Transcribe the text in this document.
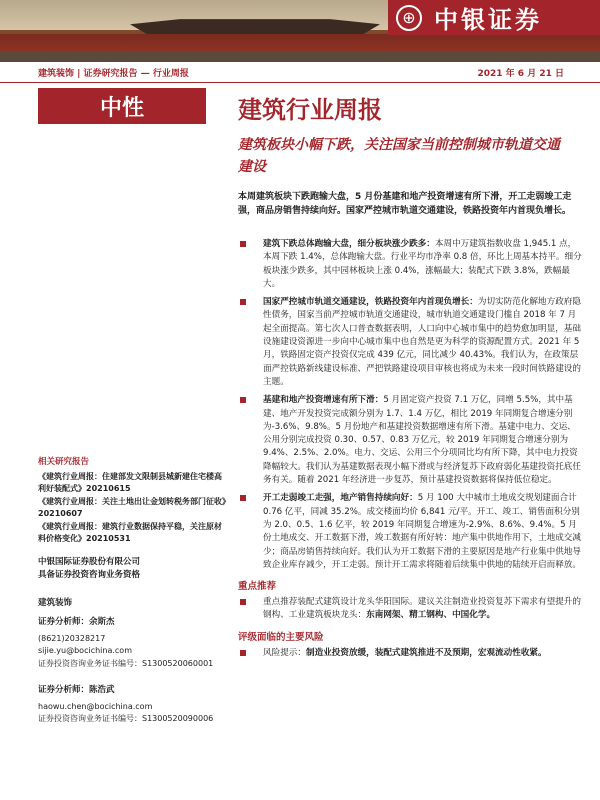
⊕ 中银证券
建筑装饰 | 证券研究报告 — 行业周报	2021 年 6 月 21 日
中性	建筑行业周报
建筑板块小幅下跌，关注国家当前控制城市轨道交通建设
本周建筑板块下跌跑输大盘，5 月份基建和地产投资增速有所下滑，开工走弱竣工走强，商品房销售持续向好。国家严控城市轨道交通建设，铁路投资年内首现负增长。
建筑下跌总体跑输大盘，细分板块涨少跌多：本周中万建筑指数收盘 1,945.1 点，本周下跌 1.4%，总体跑输大盘。行业平均市净率 0.8 倍，环比上周基本持平。细分板块涨少跌多，其中园林板块上涨 0.4%，涨幅最大；装配式下跌 3.8%，跌幅最大。
国家严控城市轨道交通建设，铁路投资年内首现负增长：为切实防范化解地方政府隐性债务，国家当前严控城市轨道交通建设，城市轨道交通建设门槛自 2018 年 7 月起全面提高。第七次人口普查数据表明，人口向中心城市集中的趋势愈加明显，基础设施建设资源进一步向中心城市集中也自然是更为科学的资源配置方式。2021 年 5 月，铁路固定资产投资仅完成 439 亿元，同比减少 40.43%。我们认为，在政策层面严控铁路新线建设标准、严把铁路建设项目审核也将成为未来一段时间铁路建设的主题。
基建和地产投资增速有所下滑：5 月固定资产投资 7.1 万亿，同增 5.5%，其中基建、地产开发投资完成额分别为 1.7、1.4 万亿，相比 2019 年同期复合增速分别为-3.6%、9.8%。5 月份地产和基建投资数据增速有所下滑。基建中电力、交运、公用分别完成投资 0.30、0.57、0.83 万亿元，较 2019 年同期复合增速分别为 9.4%、2.5%、2.0%。电力、交运、公用三个分项同比均有所下降，其中电力投资降幅较大。我们认为基建数据表现小幅下滑或与经济复苏下政府弱化基建投资托底任务有关。随着 2021 年经济进一步复苏，预计基建投资数据将保持低位稳定。
开工走弱竣工走强，地产销售持续向好：5 月 100 大中城市土地成交规划建面合计 0.76 亿平，同减 35.2%。成交楼面均价 6,841 元/平。开工、竣工、销售面积分别为 2.0、0.5、1.6 亿平，较 2019 年同期复合增速为-2.9%、8.6%、9.4%。5 月份土地成交、开工数据下滑，竣工数据有所好转：地产集中供地作用下，土地成交减少；商品房销售持续向好。我们认为开工数据下滑的主要原因是地产行业集中供地导致企业库存减少，开工走弱。预计开工需求将随着后续集中供地的陆续开启而释放。
重点推荐
重点推荐装配式建筑设计龙头华阳国际。建议关注制造业投资复苏下需求有望提升的钢构、工业建筑板块龙头：东南网架、精工钢构、中国化学。
评级面临的主要风险
风险提示：制造业投资放缓，装配式建筑推进不及预期，宏观流动性收紧。
相关研究报告
《建筑行业周报：住建部发文限制县城新建住宅楼高利好装配式》20210615
《建筑行业周报：关注土地出让金划转税务部门征收》20210607
《建筑行业周报：建筑行业数据保持平稳，关注原材料价格变化》20210531
中银国际证券股份有限公司
具备证券投资咨询业务资格
建筑装饰
证券分析师：余斯杰
(8621)20328217
sijie.yu@bocichina.com
证券投资咨询业务证书编号：S1300520060001
证券分析师：陈浩武
haowu.chen@bocichina.com
证券投资咨询业务证书编号：S1300520090006
